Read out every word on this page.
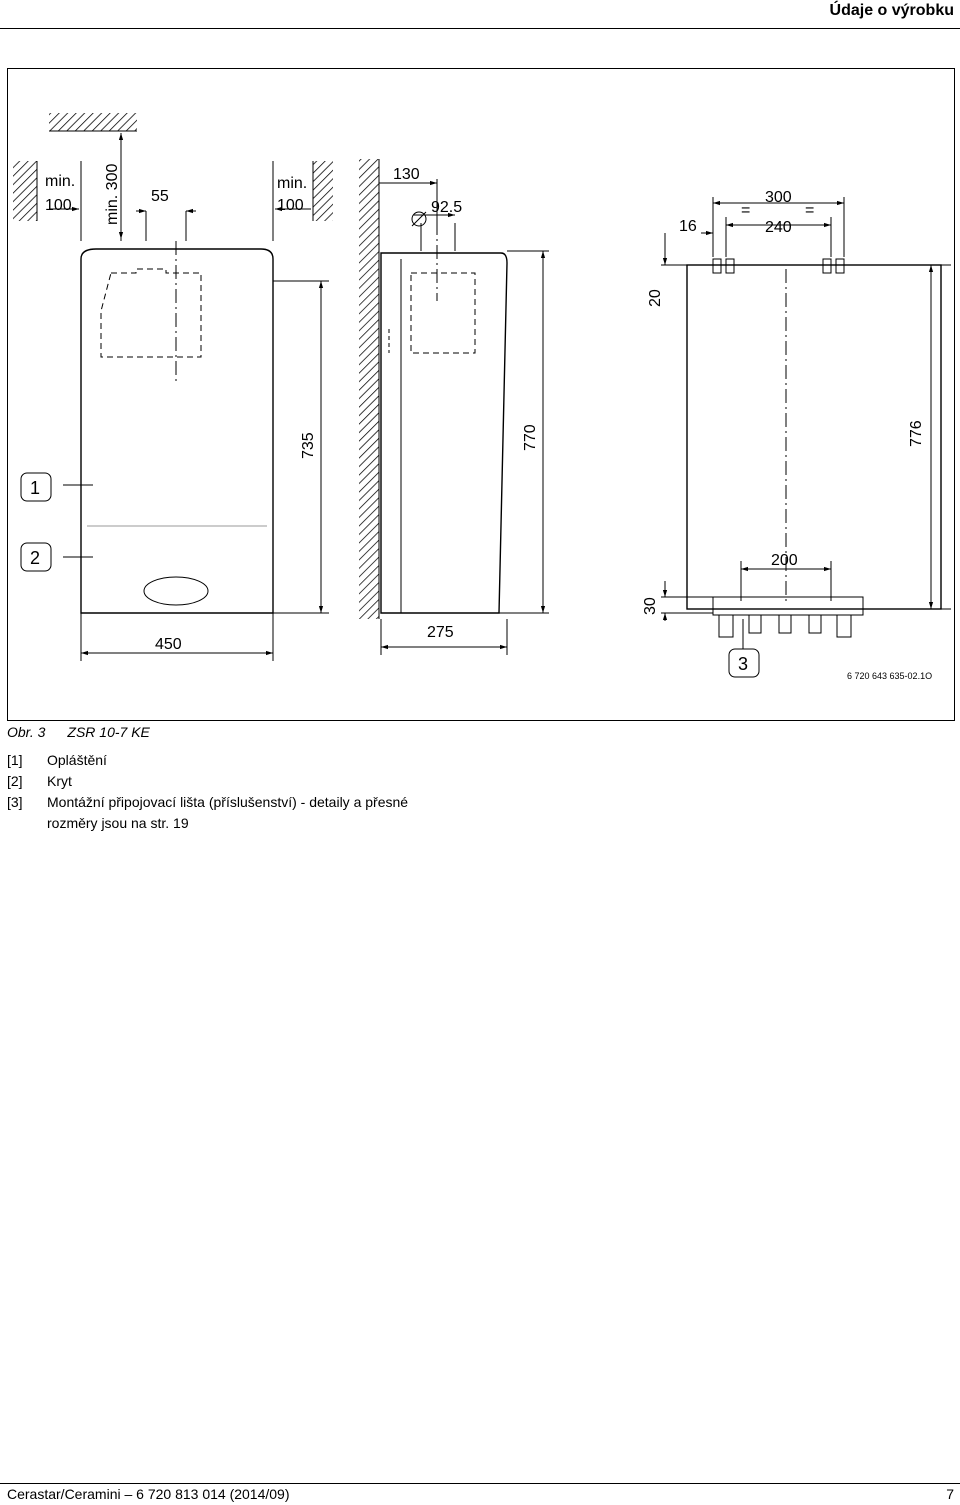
Údaje o výrobku
min.
100 min. 300 55
min.
100
130
92.5
16
300
240
=	=
20
735	770	776
200
30
450
275
1
2
3
6 720 643 635-02.1O
Obr. 3 ZSR 10-7 KE
[1]	Opláštění
[2]	Kryt
[3]	Montážní připojovací lišta (příslušenství) - detaily a přesné rozměry jsou na str. 19
Cerastar/Ceramini – 6 720 813 014 (2014/09)	7
